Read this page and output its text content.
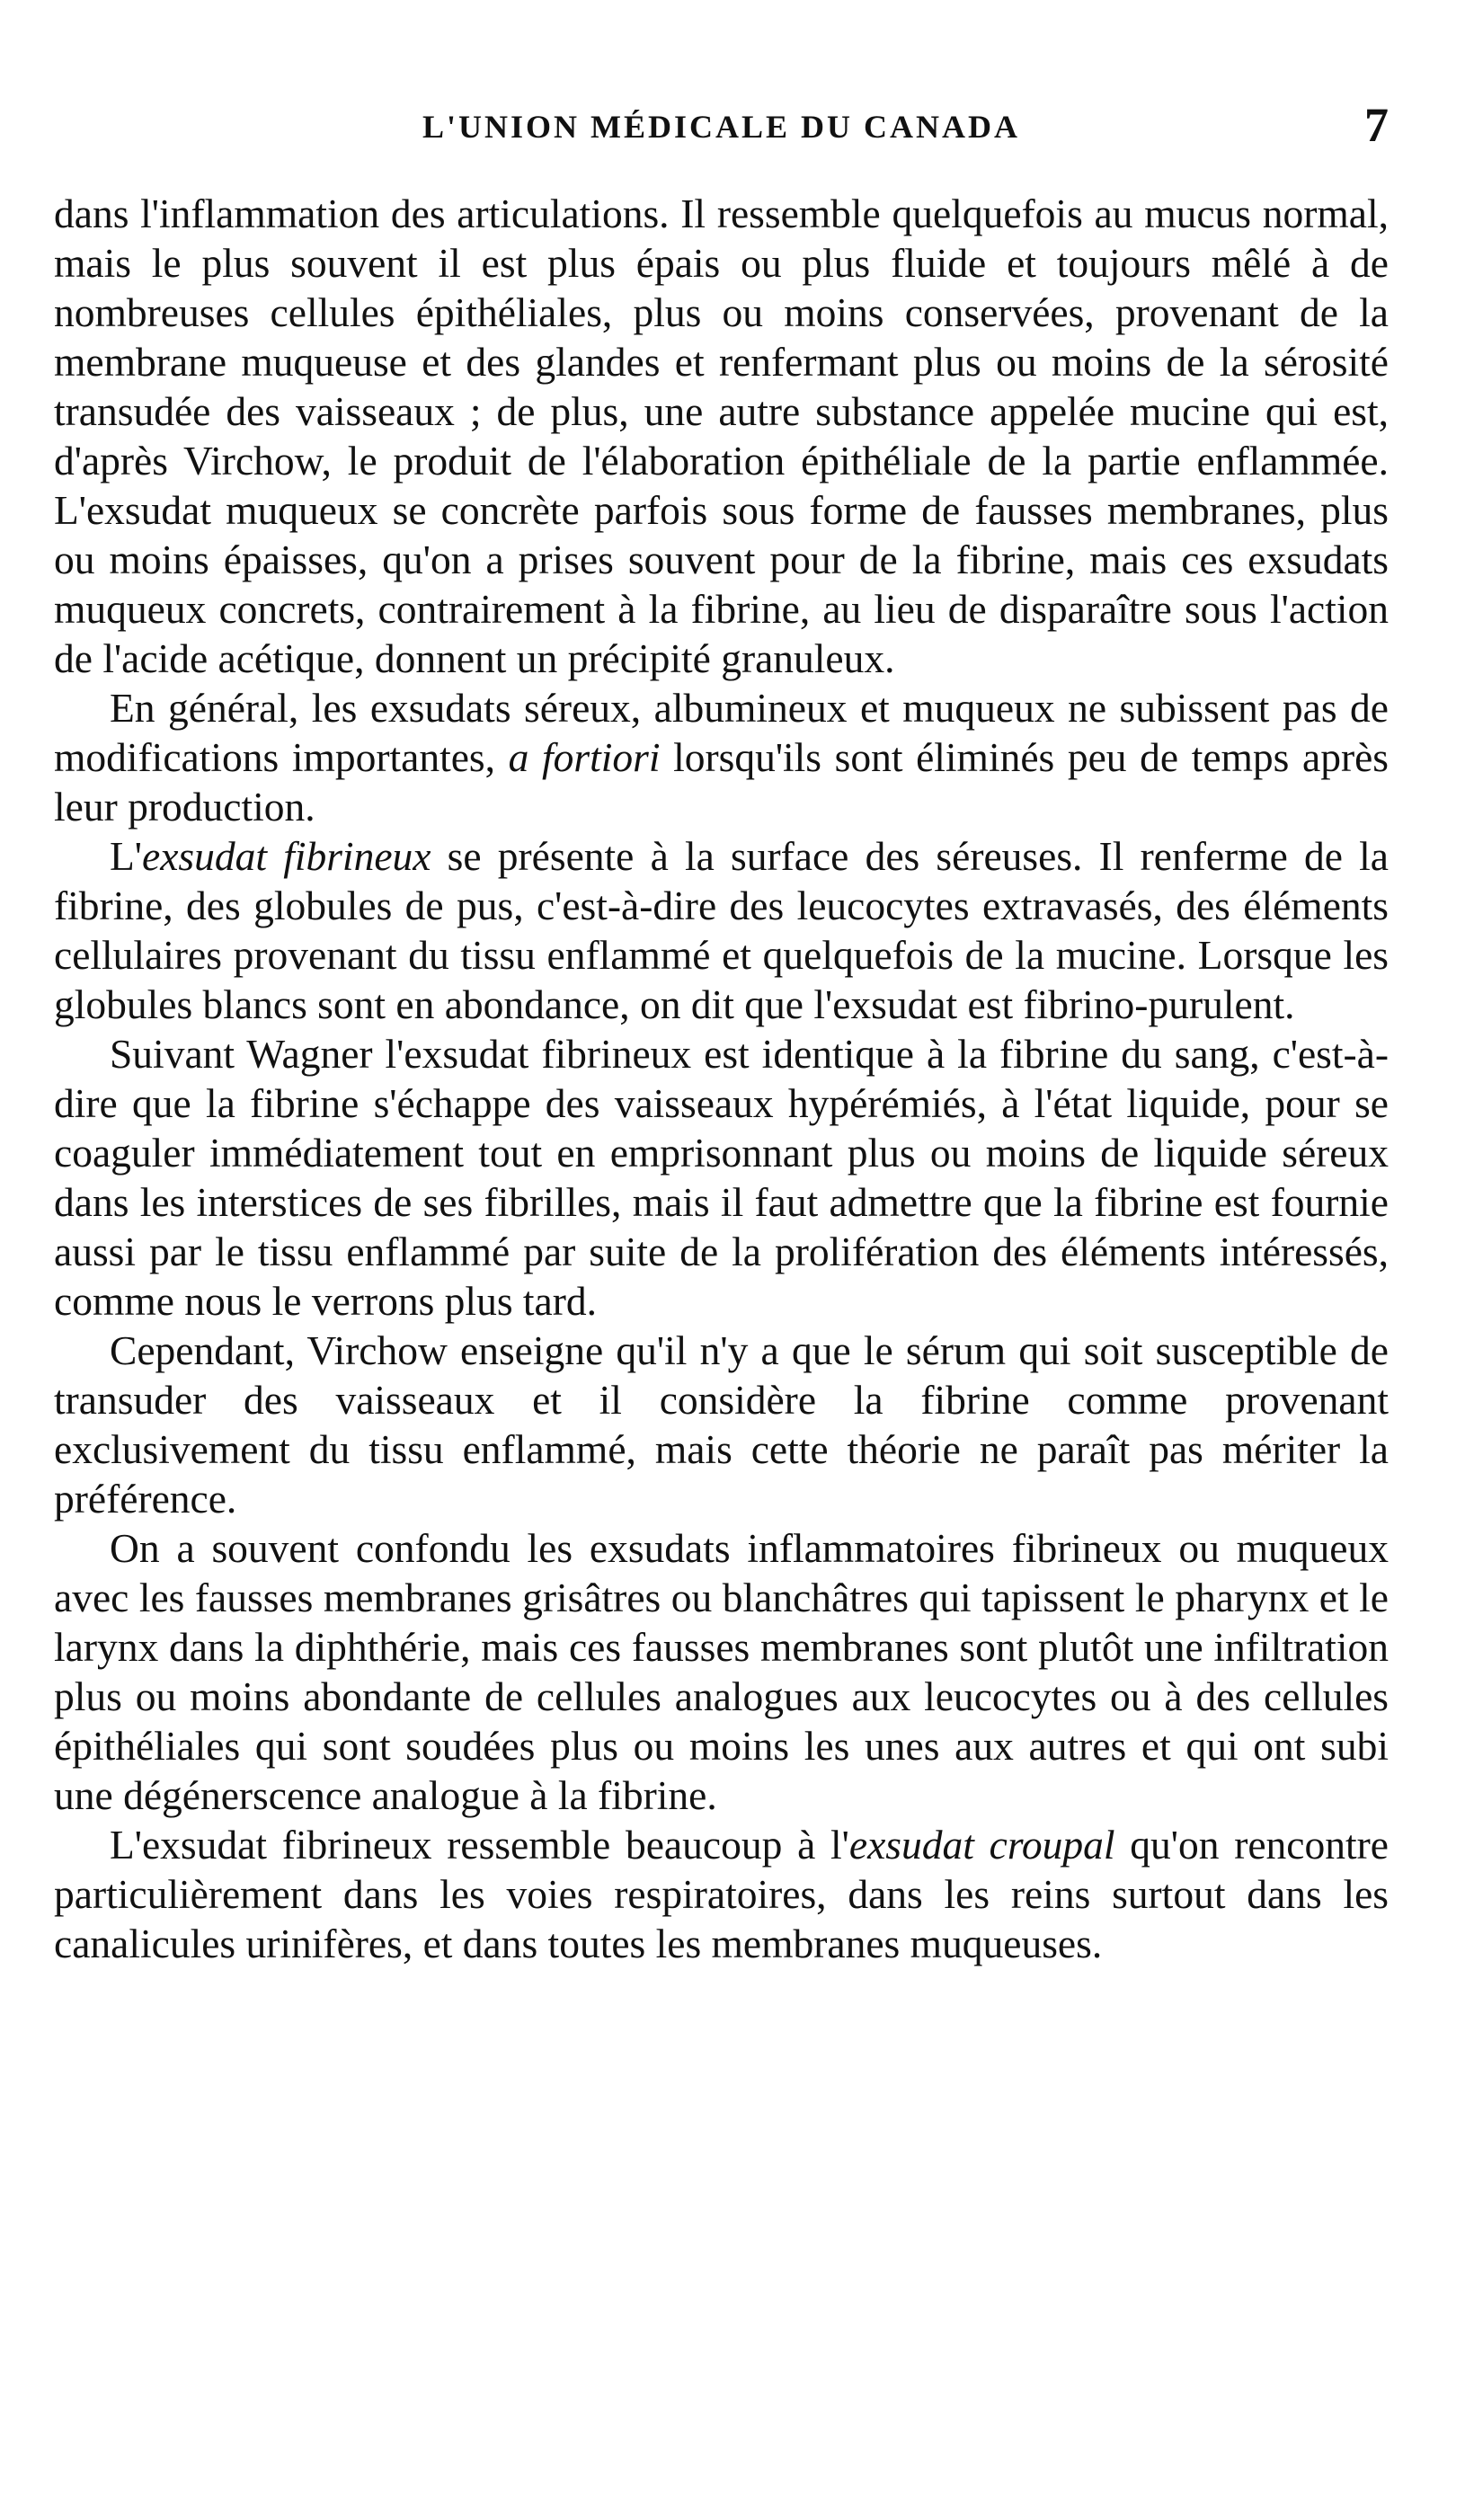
L'UNION MÉDICALE DU CANADA	7

dans l'inflammation des articulations. Il ressemble quelquefois au mucus normal, mais le plus souvent il est plus épais ou plus fluide et toujours mêlé à de nombreuses cellules épithéliales, plus ou moins conservées, provenant de la membrane muqueuse et des glandes et renfermant plus ou moins de la sérosité transudée des vaisseaux ; de plus, une autre substance appelée mucine qui est, d'après Virchow, le produit de l'élaboration épithéliale de la partie enflammée. L'exsudat muqueux se concrète parfois sous forme de fausses membranes, plus ou moins épaisses, qu'on a prises souvent pour de la fibrine, mais ces exsudats muqueux concrets, contrairement à la fibrine, au lieu de disparaître sous l'action de l'acide acétique, donnent un précipité granuleux.

En général, les exsudats séreux, albumineux et muqueux ne subissent pas de modifications importantes, a fortiori lorsqu'ils sont éliminés peu de temps après leur production.

L'exsudat fibrineux se présente à la surface des séreuses. Il renferme de la fibrine, des globules de pus, c'est-à-dire des leucocytes extravasés, des éléments cellulaires provenant du tissu enflammé et quelquefois de la mucine. Lorsque les globules blancs sont en abondance, on dit que l'exsudat est fibrino-purulent.

Suivant Wagner l'exsudat fibrineux est identique à la fibrine du sang, c'est-à-dire que la fibrine s'échappe des vaisseaux hypérémiés, à l'état liquide, pour se coaguler immédiatement tout en emprisonnant plus ou moins de liquide séreux dans les interstices de ses fibrilles, mais il faut admettre que la fibrine est fournie aussi par le tissu enflammé par suite de la prolifération des éléments intéressés, comme nous le verrons plus tard.

Cependant, Virchow enseigne qu'il n'y a que le sérum qui soit susceptible de transuder des vaisseaux et il considère la fibrine comme provenant exclusivement du tissu enflammé, mais cette théorie ne paraît pas mériter la préférence.

On a souvent confondu les exsudats inflammatoires fibrineux ou muqueux avec les fausses membranes grisâtres ou blanchâtres qui tapissent le pharynx et le larynx dans la diphthérie, mais ces fausses membranes sont plutôt une infiltration plus ou moins abondante de cellules analogues aux leucocytes ou à des cellules épithéliales qui sont soudées plus ou moins les unes aux autres et qui ont subi une dégénerscence analogue à la fibrine.

L'exsudat fibrineux ressemble beaucoup à l'exsudat croupal qu'on rencontre particulièrement dans les voies respiratoires, dans les reins surtout dans les canalicules urinifères, et dans toutes les membranes muqueuses.
